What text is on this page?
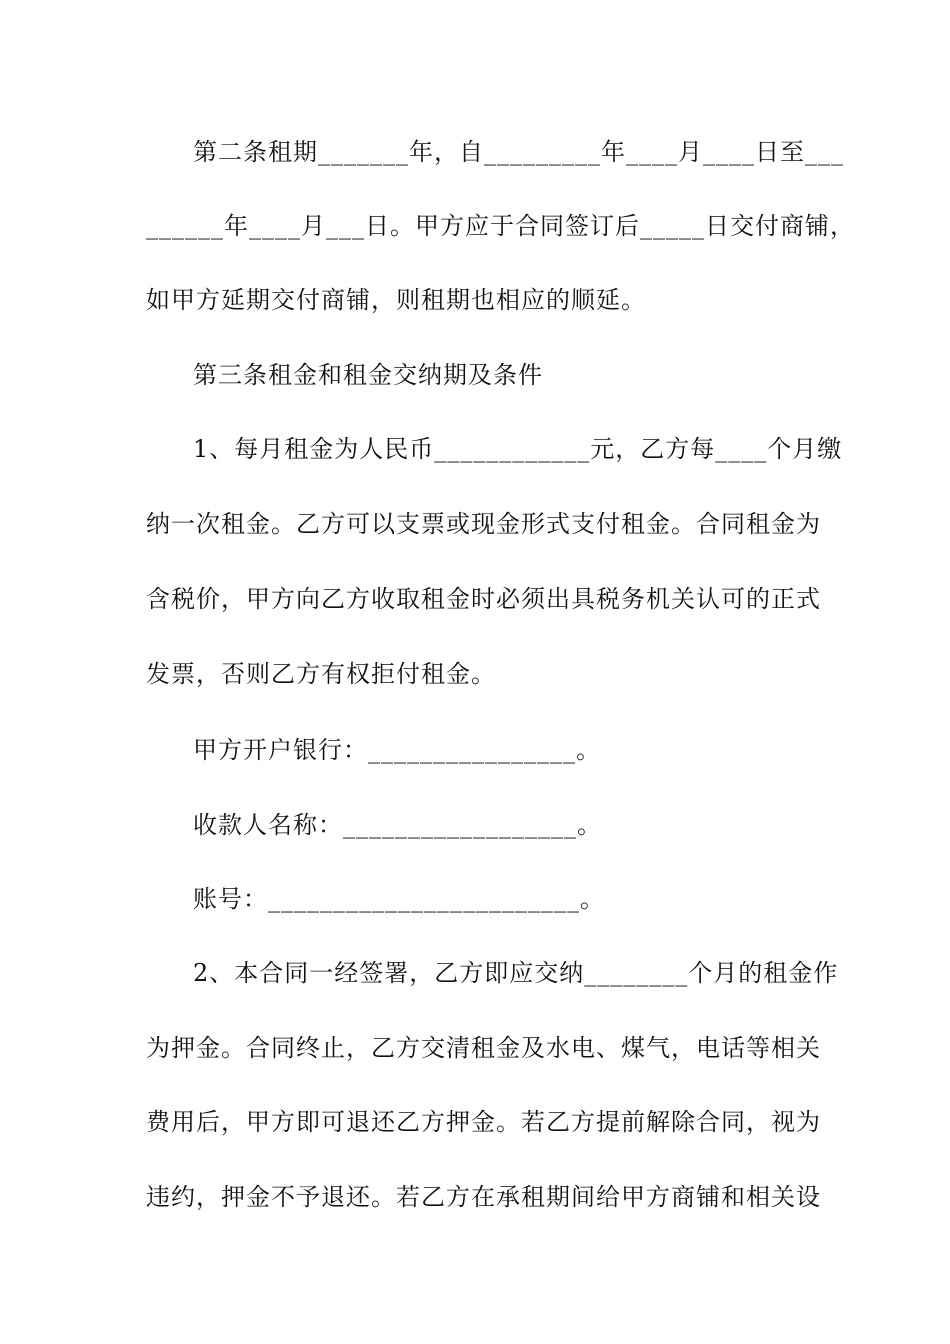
第二条租期_______年，自_________年____月____日至___
______年____月___日。甲方应于合同签订后_____日交付商铺，
如甲方延期交付商铺，则租期也相应的顺延。
第三条租金和租金交纳期及条件
1、每月租金为人民币____________元，乙方每____个月缴
纳一次租金。乙方可以支票或现金形式支付租金。合同租金为
含税价，甲方向乙方收取租金时必须出具税务机关认可的正式
发票，否则乙方有权拒付租金。
甲方开户银行：________________。
收款人名称：__________________。
账号：________________________。
2、本合同一经签署，乙方即应交纳________个月的租金作
为押金。合同终止，乙方交清租金及水电、煤气，电话等相关
费用后，甲方即可退还乙方押金。若乙方提前解除合同，视为
违约，押金不予退还。若乙方在承租期间给甲方商铺和相关设
